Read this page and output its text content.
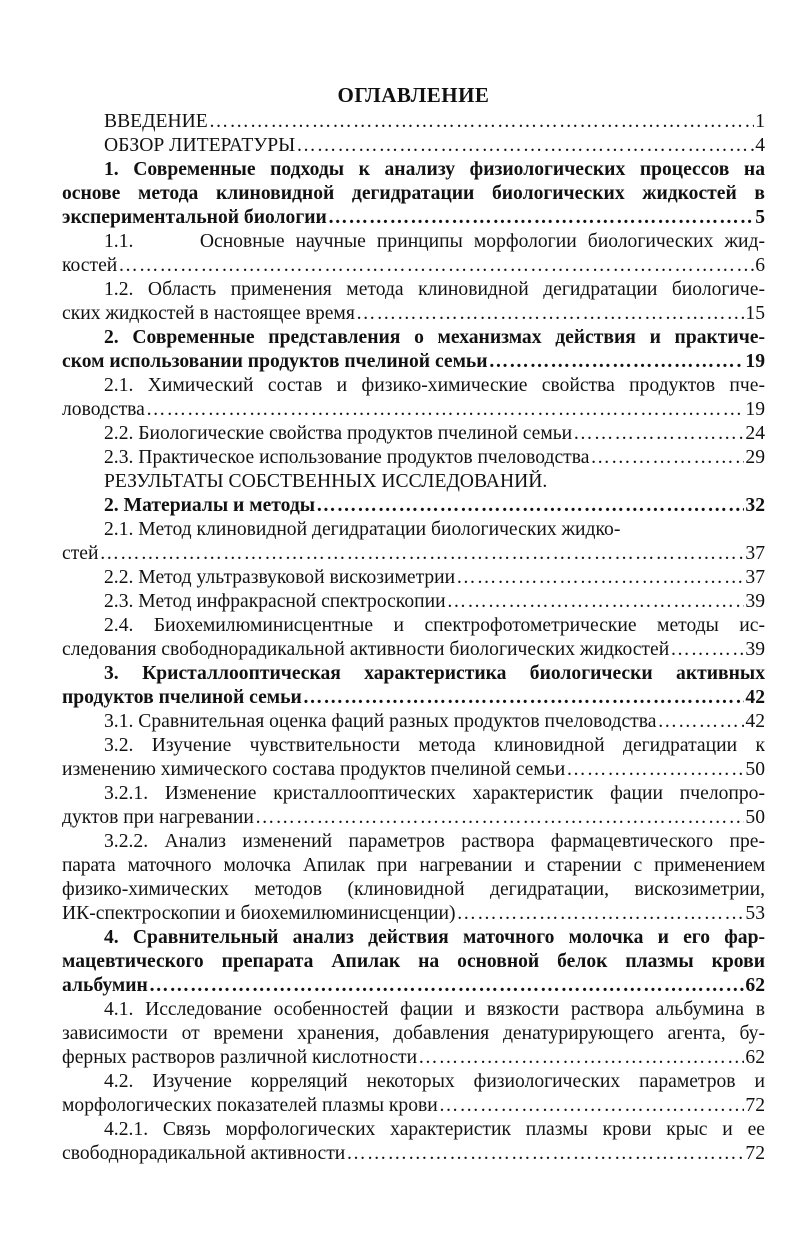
ОГЛАВЛЕНИЕ
ВВЕДЕНИЕ ………………………………………………………………………………………………………………………………………………………………………………………………	1
ОБЗОР ЛИТЕРАТУРЫ ………………………………………………………………………………………………………………………………………………………………………………………………	4
1. Современные подходы к анализу физиологических процессов на
основе метода клиновидной дегидратации биологических жидкостей в
экспериментальной биологии ………………………………………………………………………………………………………………………………………………………………………………………………	5
1.1.      Основные научные принципы морфологии биологических жид-
костей ………………………………………………………………………………………………………………………………………………………………………………………………	6
1.2. Область применения метода клиновидной дегидратации биологиче-
ских жидкостей в настоящее время ………………………………………………………………………………………………………………………………………………………………………………………………	15
2. Современные представления о механизмах действия и практиче-
ском использовании продуктов пчелиной семьи ………………………………………………………………………………………………………………………………………………………………………………………………	19
2.1. Химический состав и физико-химические свойства продуктов пче-
ловодства ………………………………………………………………………………………………………………………………………………………………………………………………	19
2.2. Биологические свойства продуктов пчелиной семьи ………………………………………………………………………………………………………………………………………………………………………………………………	24
2.3. Практическое использование продуктов пчеловодства ………………………………………………………………………………………………………………………………………………………………………………………………	29
РЕЗУЛЬТАТЫ СОБСТВЕННЫХ ИССЛЕДОВАНИЙ.
2. Материалы и методы ………………………………………………………………………………………………………………………………………………………………………………………………	32
2.1. Метод клиновидной дегидратации биологических жидко-
стей ………………………………………………………………………………………………………………………………………………………………………………………………	37
2.2. Метод ультразвуковой вискозиметрии ………………………………………………………………………………………………………………………………………………………………………………………………	37
2.3. Метод инфракрасной спектроскопии ………………………………………………………………………………………………………………………………………………………………………………………………	39
2.4. Биохемилюминисцентные и спектрофотометрические методы ис-
следования свободнорадикальной активности биологических жидкостей ………………………………………………………………………………………………………………………………………………………………………………………………	39
3. Кристаллооптическая характеристика биологически активных
продуктов пчелиной семьи ………………………………………………………………………………………………………………………………………………………………………………………………	42
3.1. Сравнительная оценка фаций разных продуктов пчеловодства ………………………………………………………………………………………………………………………………………………………………………………………………	42
3.2. Изучение чувствительности метода клиновидной дегидратации к
изменению химического состава продуктов пчелиной семьи ………………………………………………………………………………………………………………………………………………………………………………………………	50
3.2.1. Изменение кристаллооптических характеристик фации пчелопро-
дуктов при нагревании ………………………………………………………………………………………………………………………………………………………………………………………………	50
3.2.2. Анализ изменений параметров раствора фармацевтического пре-
парата маточного молочка Апилак при нагревании и старении с применением
физико-химических методов (клиновидной дегидратации, вискозиметрии,
ИК-спектроскопии и биохемилюминисценции) ………………………………………………………………………………………………………………………………………………………………………………………………	53
4. Сравнительный анализ действия маточного молочка и его фар-
мацевтического препарата Апилак на основной белок плазмы крови
альбумин ………………………………………………………………………………………………………………………………………………………………………………………………	62
4.1. Исследование особенностей фации и вязкости раствора альбумина в
зависимости от времени хранения, добавления денатурирующего агента, бу-
ферных растворов различной кислотности ………………………………………………………………………………………………………………………………………………………………………………………………	62
4.2. Изучение корреляций некоторых физиологических параметров и
морфологических показателей плазмы крови ………………………………………………………………………………………………………………………………………………………………………………………………	72
4.2.1. Связь морфологических характеристик плазмы крови крыс и ее
свободнорадикальной активности ………………………………………………………………………………………………………………………………………………………………………………………………	72
